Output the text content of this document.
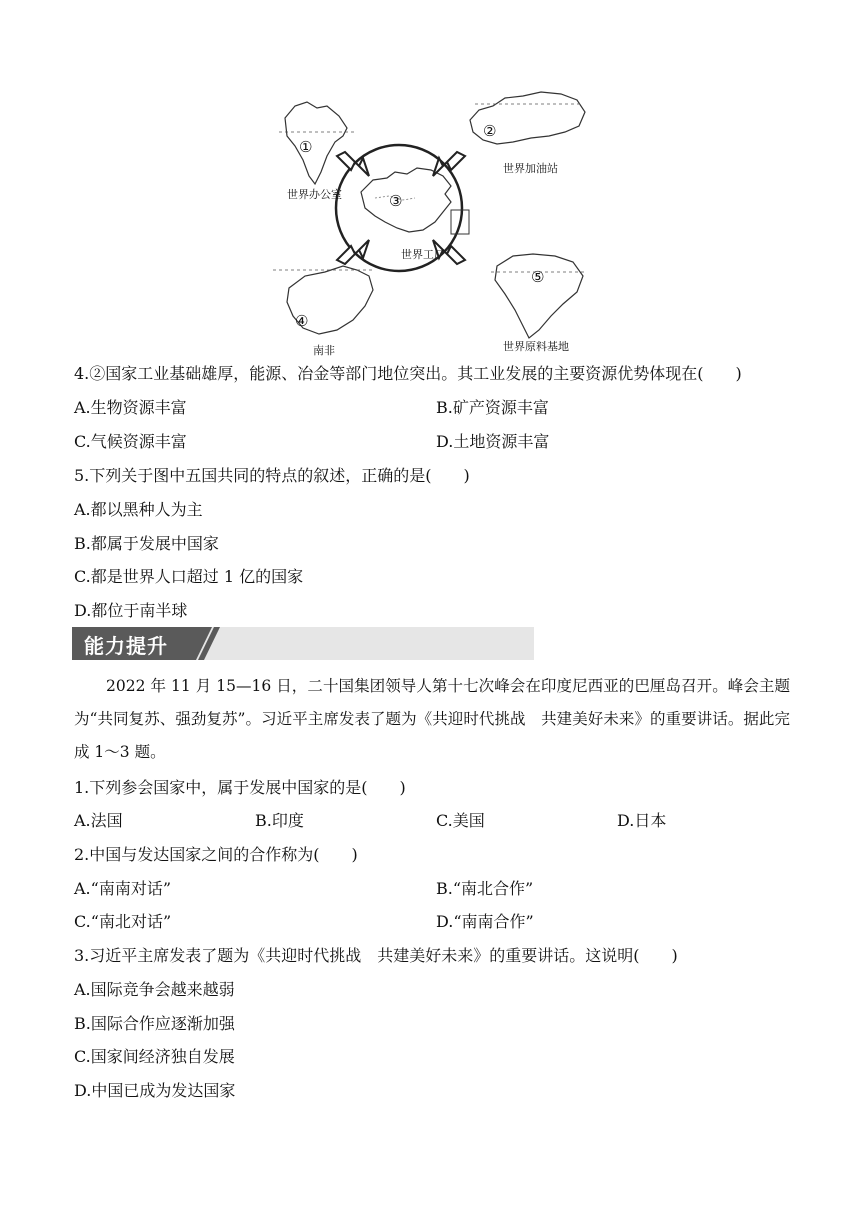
①
②
③
④
⑤
世界办公室
世界加油站
世界工厂
南非	世界原料基地
4.②国家工业基础雄厚，能源、冶金等部门地位突出。其工业发展的主要资源优势体现在(　　)
A.生物资源丰富	B.矿产资源丰富
C.气候资源丰富	D.土地资源丰富
5.下列关于图中五国共同的特点的叙述，正确的是(　　)
A.都以黑种人为主
B.都属于发展中国家
C.都是世界人口超过 1 亿的国家
D.都位于南半球
能力提升
2022 年 11 月 15—16 日，二十国集团领导人第十七次峰会在印度尼西亚的巴厘岛召开。峰会主题为“共同复苏、强劲复苏”。习近平主席发表了题为《共迎时代挑战　共建美好未来》的重要讲话。据此完成 1～3 题。
1.下列参会国家中，属于发展中国家的是(　　)
A.法国	B.印度	C.美国	D.日本
2.中国与发达国家之间的合作称为(　　)
A.“南南对话”	B.“南北合作”
C.“南北对话”	D.“南南合作”
3.习近平主席发表了题为《共迎时代挑战　共建美好未来》的重要讲话。这说明(　　)
A.国际竞争会越来越弱
B.国际合作应逐渐加强
C.国家间经济独自发展
D.中国已成为发达国家
